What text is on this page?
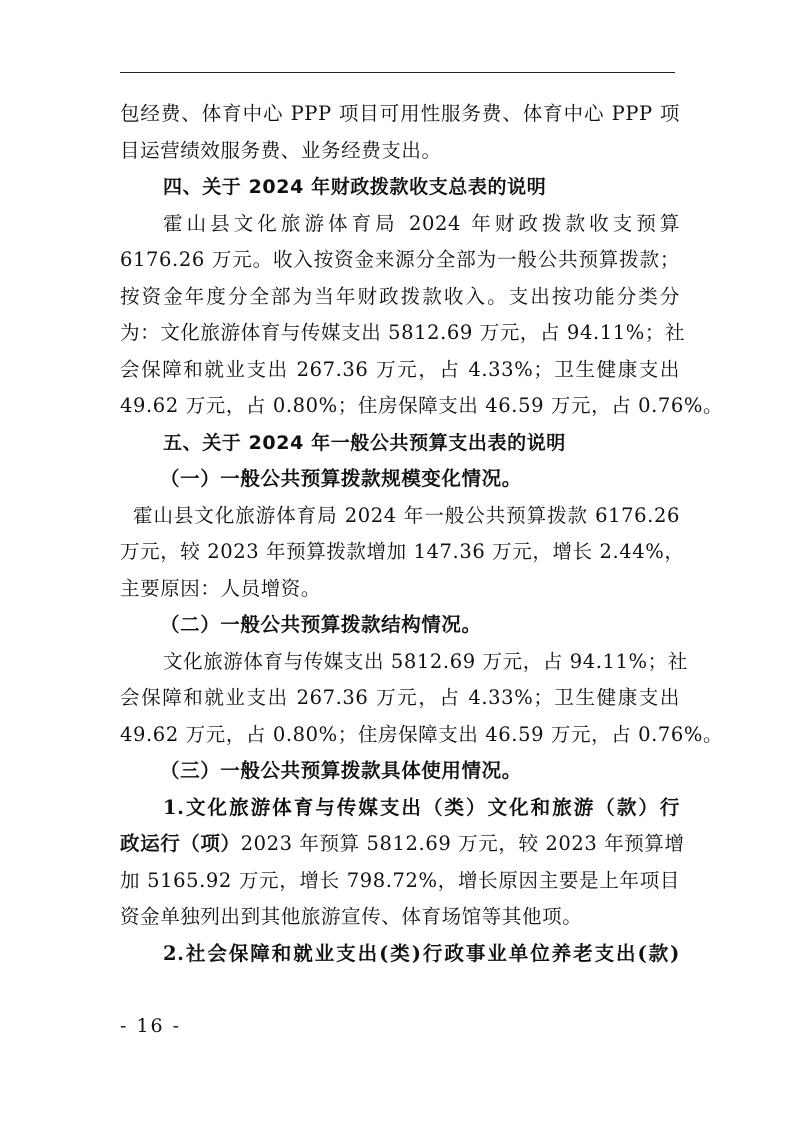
包经费、体育中心 PPP 项目可用性服务费、体育中心 PPP 项
目运营绩效服务费、业务经费支出。
四、关于 2024 年财政拨款收支总表的说明
霍山县文化旅游体育局 2024 年财政拨款收支预算
6176.26 万元。收入按资金来源分全部为一般公共预算拨款；
按资金年度分全部为当年财政拨款收入。支出按功能分类分
为：文化旅游体育与传媒支出 5812.69 万元，占 94.11%；社
会保障和就业支出 267.36 万元，占 4.33%；卫生健康支出
49.62 万元，占 0.80%；住房保障支出 46.59 万元，占 0.76%。
五、关于 2024 年一般公共预算支出表的说明
（一）一般公共预算拨款规模变化情况。
霍山县文化旅游体育局 2024 年一般公共预算拨款 6176.26
万元，较 2023 年预算拨款增加 147.36 万元，增长 2.44%，
主要原因：人员增资。
（二）一般公共预算拨款结构情况。
文化旅游体育与传媒支出 5812.69 万元，占 94.11%；社
会保障和就业支出 267.36 万元，占 4.33%；卫生健康支出
49.62 万元，占 0.80%；住房保障支出 46.59 万元，占 0.76%。
（三）一般公共预算拨款具体使用情况。
1.文化旅游体育与传媒支出（类）文化和旅游（款）行
政运行（项）2023 年预算 5812.69 万元，较 2023 年预算增
加 5165.92 万元，增长 798.72%，增长原因主要是上年项目
资金单独列出到其他旅游宣传、体育场馆等其他项。
2.社会保障和就业支出(类)行政事业单位养老支出(款)
- 16 -
